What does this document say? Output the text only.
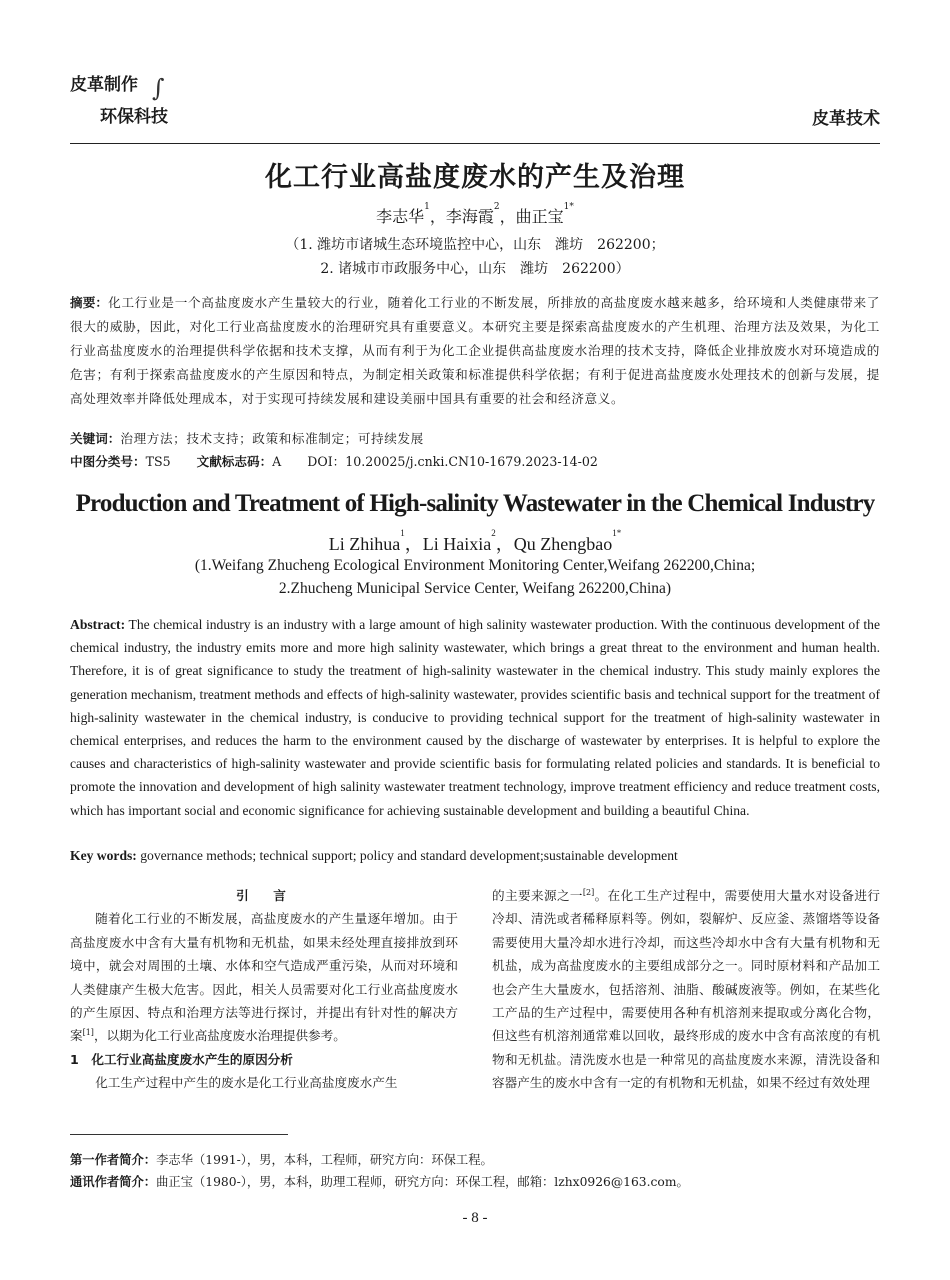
皮革制作 ∫
环保科技	皮革技术
化工行业高盐度废水的产生及治理
李志华$^1$，李海霞$^2$，曲正宝$^{1*}$
（1. 潍坊市诸城生态环境监控中心，山东　潍坊　262200；
2. 诸城市市政服务中心，山东　潍坊　262200）
摘要：化工行业是一个高盐度废水产生量较大的行业，随着化工行业的不断发展，所排放的高盐度废水越来越多，给环境和人类健康带来了很大的威胁，因此，对化工行业高盐度废水的治理研究具有重要意义。本研究主要是探索高盐度废水的产生机理、治理方法及效果，为化工行业高盐度废水的治理提供科学依据和技术支撑，从而有利于为化工企业提供高盐度废水治理的技术支持，降低企业排放废水对环境造成的危害；有利于探索高盐度废水的产生原因和特点，为制定相关政策和标准提供科学依据；有利于促进高盐度废水处理技术的创新与发展，提高处理效率并降低处理成本，对于实现可持续发展和建设美丽中国具有重要的社会和经济意义。
关键词：治理方法；技术支持；政策和标准制定；可持续发展
中图分类号：TS5 文献标志码：A DOI：10.20025/j.cnki.CN10-1679.2023-14-02
Production and Treatment of High-salinity Wastewater in the Chemical Industry
Li Zhihua$^1$，Li Haixia$^2$，Qu Zhengbao$^{1*}$
(1.Weifang Zhucheng Ecological Environment Monitoring Center,Weifang 262200,China;
2.Zhucheng Municipal Service Center, Weifang 262200,China)
Abstract: The chemical industry is an industry with a large amount of high salinity wastewater production. With the continuous development of the chemical industry, the industry emits more and more high salinity wastewater, which brings a great threat to the environment and human health. Therefore, it is of great significance to study the treatment of high-salinity wastewater in the chemical industry. This study mainly explores the generation mechanism, treatment methods and effects of high-salinity wastewater, provides scientific basis and technical support for the treatment of high-salinity wastewater in the chemical industry, is conducive to providing technical support for the treatment of high-salinity wastewater in chemical enterprises, and reduces the harm to the environment caused by the discharge of wastewater by enterprises. It is helpful to explore the causes and characteristics of high-salinity wastewater and provide scientific basis for formulating related policies and standards. It is beneficial to promote the innovation and development of high salinity wastewater treatment technology, improve treatment efficiency and reduce treatment costs, which has important social and economic significance for achieving sustainable development and building a beautiful China.
Key words: governance methods; technical support; policy and standard development;sustainable development

引　言

随着化工行业的不断发展，高盐度废水的产生量逐年增加。由于高盐度废水中含有大量有机物和无机盐，如果未经处理直接排放到环境中，就会对周围的土壤、水体和空气造成严重污染，从而对环境和人类健康产生极大危害。因此，相关人员需要对化工行业高盐度废水的产生原因、特点和治理方法等进行探讨，并提出有针对性的解决方案[1]，以期为化工行业高盐度废水治理提供参考。

1　化工行业高盐度废水产生的原因分析

化工生产过程中产生的废水是化工行业高盐度废水产生

的主要来源之一[2]。在化工生产过程中，需要使用大量水对设备进行冷却、清洗或者稀释原料等。例如，裂解炉、反应釜、蒸馏塔等设备需要使用大量冷却水进行冷却，而这些冷却水中含有大量有机物和无机盐，成为高盐度废水的主要组成部分之一。同时原材料和产品加工也会产生大量废水，包括溶剂、油脂、酸碱废液等。例如，在某些化工产品的生产过程中，需要使用各种有机溶剂来提取或分离化合物，但这些有机溶剂通常难以回收，最终形成的废水中含有高浓度的有机物和无机盐。清洗废水也是一种常见的高盐度废水来源，清洗设备和容器产生的废水中含有一定的有机物和无机盐，如果不经过有效处理

第一作者简介：李志华（1991-），男，本科，工程师，研究方向：环保工程。
通讯作者简介：曲正宝（1980-），男，本科，助理工程师，研究方向：环保工程，邮箱：lzhx0926@163.com。
- 8 -
